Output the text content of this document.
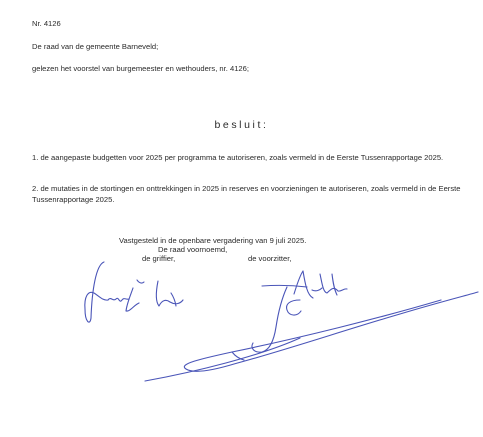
Nr. 4126
De raad van de gemeente Barneveld;
gelezen het voorstel van burgemeester en wethouders, nr. 4126;
besluit:
1. de aangepaste budgetten voor 2025 per programma te autoriseren, zoals vermeld in de Eerste Tussenrapportage 2025.
2. de mutaties in de stortingen en onttrekkingen in 2025 in reserves en voorzieningen te autoriseren, zoals vermeld in de Eerste Tussenrapportage 2025.
Vastgesteld in de openbare vergadering van 9 juli 2025.
De raad voornoemd,
de griffier,	de voorzitter,
